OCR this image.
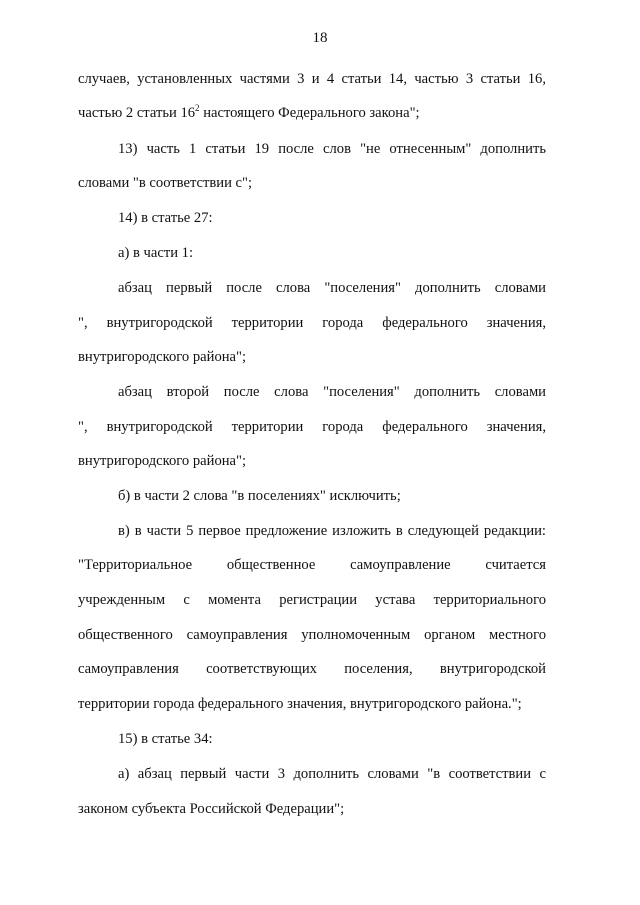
18
случаев, установленных частями 3 и 4 статьи 14, частью 3 статьи 16,
частью 2 статьи $16^2$ настоящего Федерального закона";
13) часть 1 статьи 19 после слов "не отнесенным" дополнить
словами "в соответствии с";
14) в статье 27:
а) в части 1:
абзац первый после слова "поселения" дополнить словами
", внутригородской территории города федерального значения,
внутригородского района";
абзац второй после слова "поселения" дополнить словами
", внутригородской территории города федерального значения,
внутригородского района";
б) в части 2 слова "в поселениях" исключить;
в) в части 5 первое предложение изложить в следующей редакции:
"Территориальное общественное самоуправление считается
учрежденным с момента регистрации устава территориального
общественного самоуправления уполномоченным органом местного
самоуправления соответствующих поселения, внутригородской
территории города федерального значения, внутригородского района.";
15) в статье 34:
а) абзац первый части 3 дополнить словами "в соответствии с
законом субъекта Российской Федерации";
